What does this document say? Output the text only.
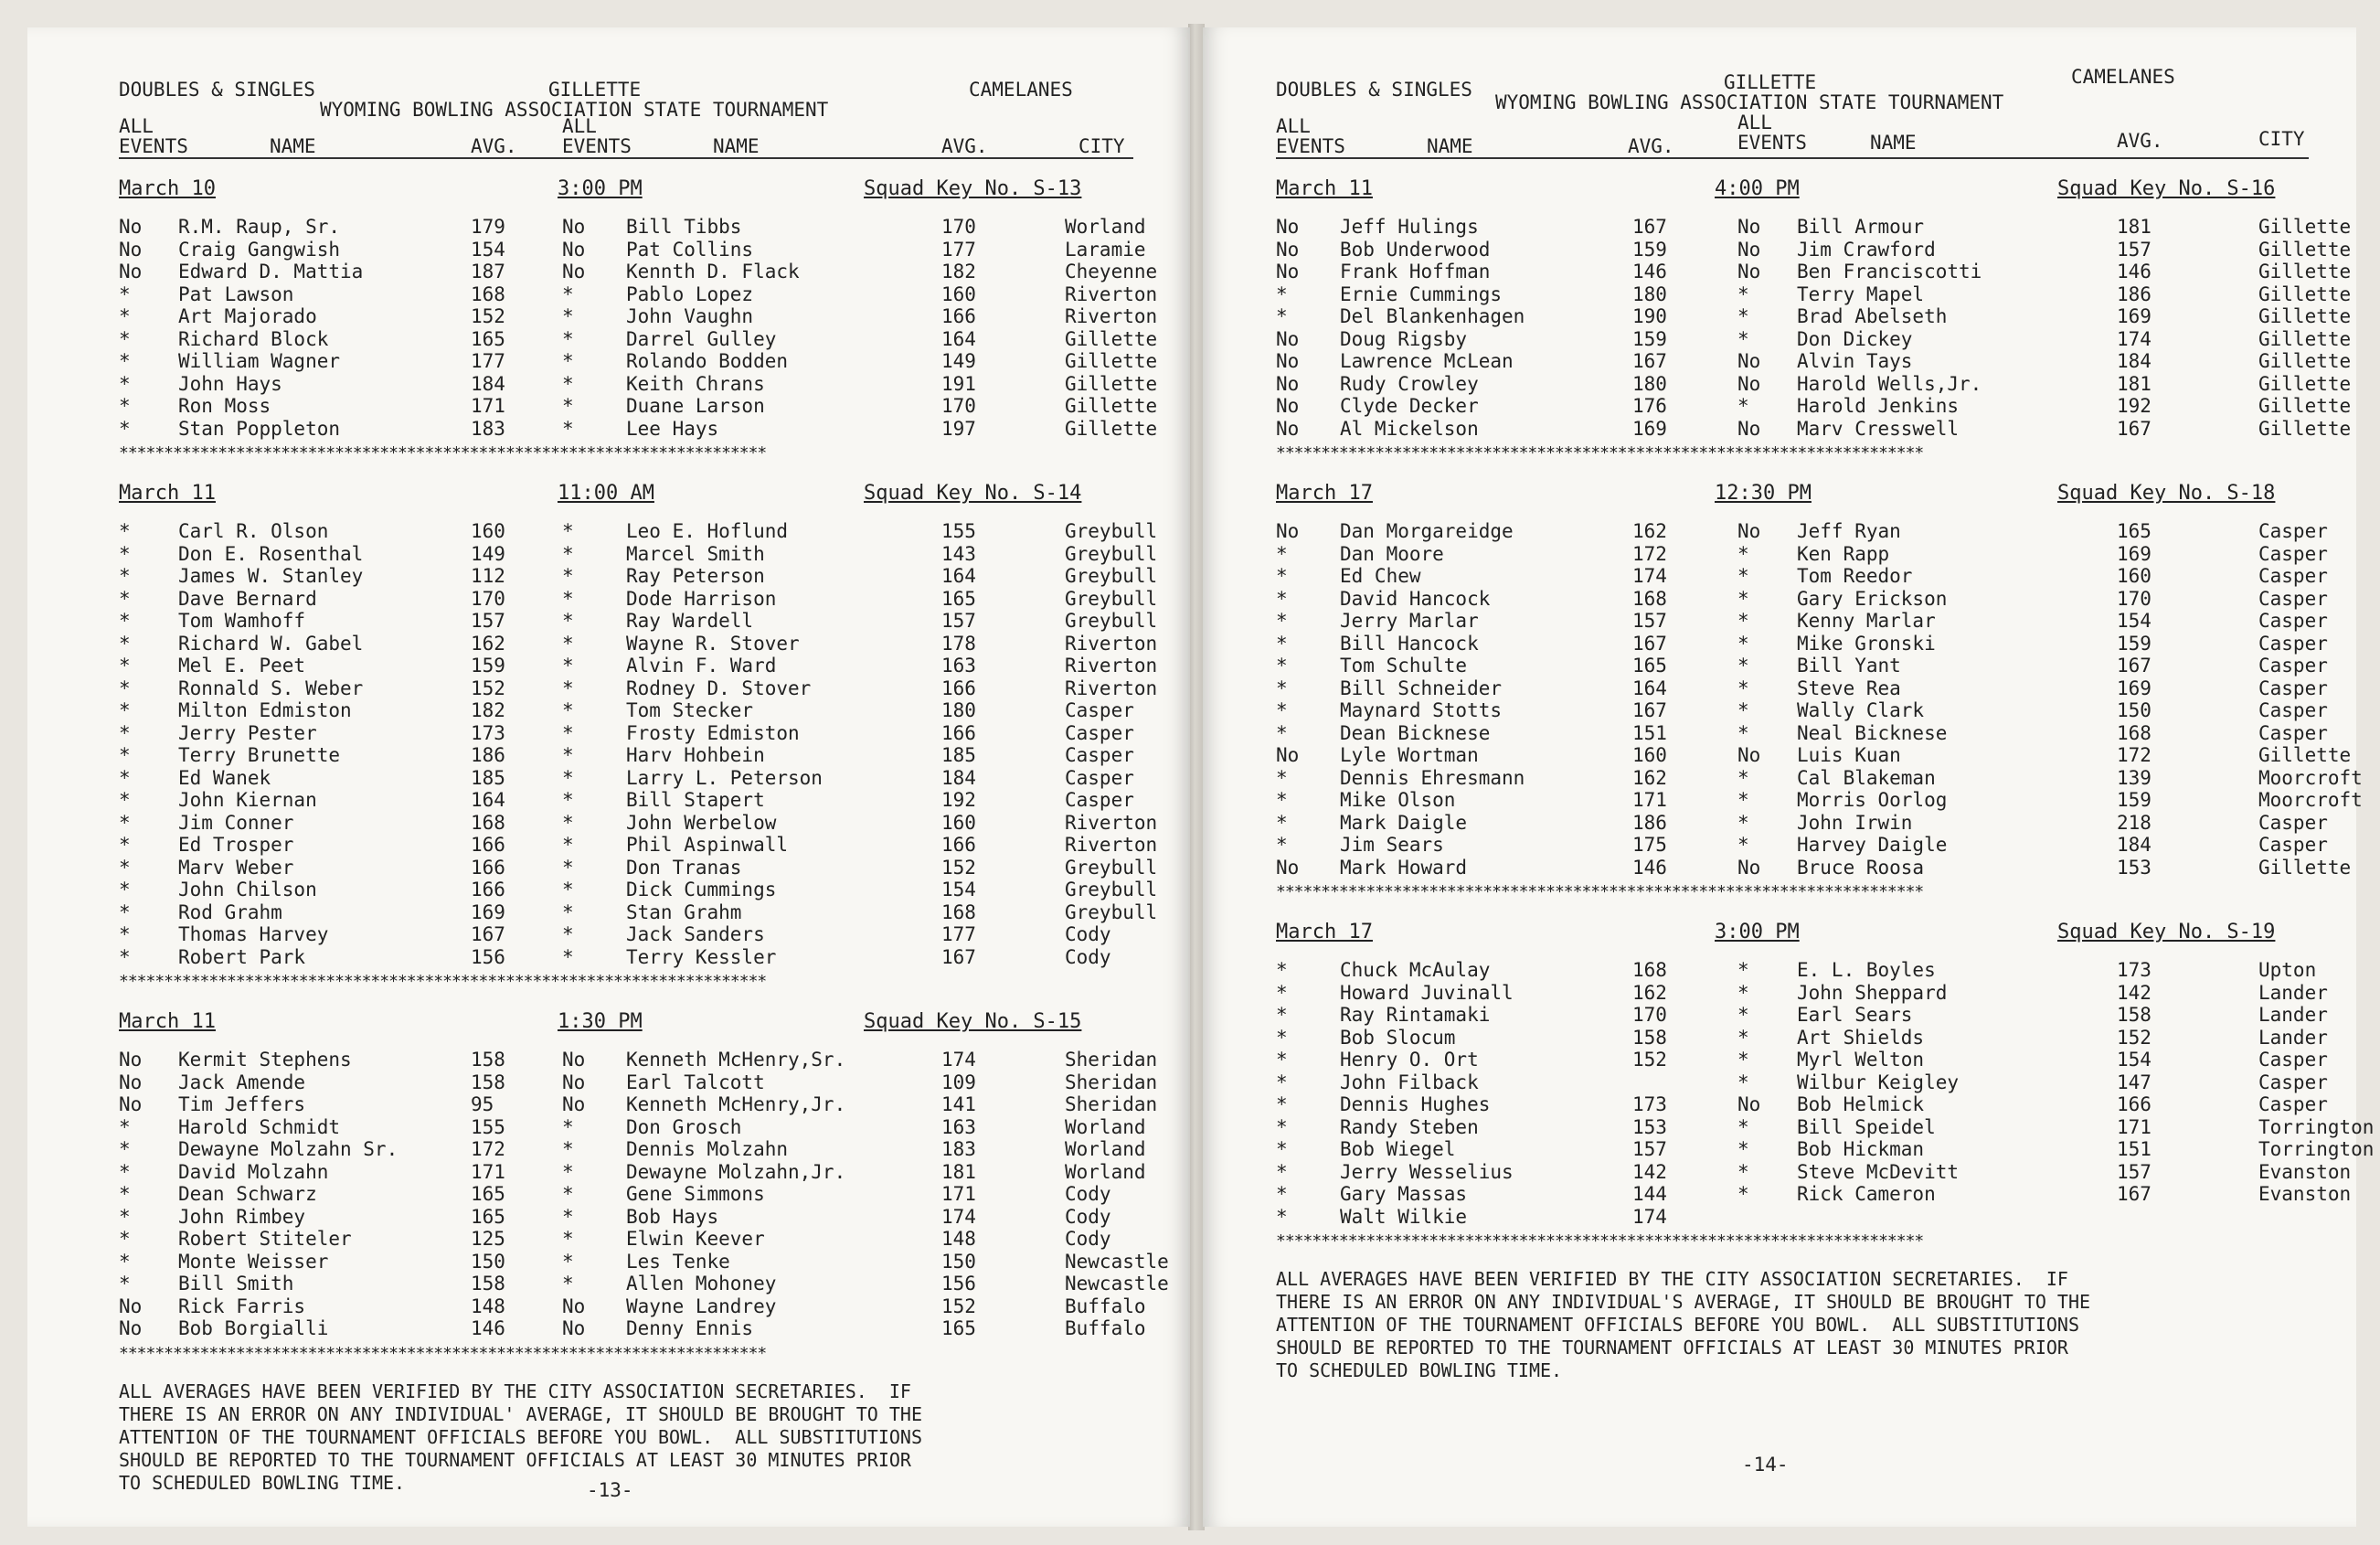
DOUBLES & SINGLES	GILLETTE	CAMELANES
WYOMING BOWLING ASSOCIATION STATE TOURNAMENT
ALL
EVENTS	NAME	AVG.
ALL
EVENTS	NAME	AVG.	CITY
March 10	3:00 PM	Squad Key No. S-13
No R.M. Raup, Sr.	179	No Bill Tibbs	170	Worland
No Craig Gangwish	154	No Pat Collins	177	Laramie
No Edward D. Mattia	187	No Kennth D. Flack	182	Cheyenne
* Pat Lawson	168	*	Pablo Lopez	160	Riverton
* Art Majorado	152	*	John Vaughn	166	Riverton
* Richard Block	165	*	Darrel Gulley	164	Gillette
* William Wagner	177	*	Rolando Bodden	149	Gillette
* John Hays	184	*	Keith Chrans	191	Gillette
* Ron Moss	171	*	Duane Larson	170	Gillette
* Stan Poppleton	183	*	Lee Hays	197	Gillette
************************************************************************
March 11	11:00 AM	Squad Key No. S-14
* Carl R. Olson	160	*	Leo E. Hoflund	155	Greybull
* Don E. Rosenthal	149	*	Marcel Smith	143	Greybull
* James W. Stanley	112	*	Ray Peterson	164	Greybull
* Dave Bernard	170	*	Dode Harrison	165	Greybull
* Tom Wamhoff	157	*	Ray Wardell	157	Greybull
* Richard W. Gabel	162	*	Wayne R. Stover	178	Riverton
* Mel E. Peet	159	*	Alvin F. Ward	163	Riverton
* Ronnald S. Weber	152	*	Rodney D. Stover	166	Riverton
* Milton Edmiston	182	*	Tom Stecker	180	Casper
* Jerry Pester	173	*	Frosty Edmiston	166	Casper
* Terry Brunette	186	*	Harv Hohbein	185	Casper
* Ed Wanek	185	*	Larry L. Peterson	184	Casper
* John Kiernan	164	*	Bill Stapert	192	Casper
* Jim Conner	168	*	John Werbelow	160	Riverton
* Ed Trosper	166	*	Phil Aspinwall	166	Riverton
* Marv Weber	166	*	Don Tranas	152	Greybull
* John Chilson	166	*	Dick Cummings	154	Greybull
* Rod Grahm	169	*	Stan Grahm	168	Greybull
* Thomas Harvey	167	*	Jack Sanders	177	Cody
* Robert Park	156	*	Terry Kessler	167	Cody
************************************************************************
March 11	1:30 PM	Squad Key No. S-15
No Kermit Stephens	158	No Kenneth McHenry,Sr.	174	Sheridan
No Jack Amende	158	No Earl Talcott	109	Sheridan
No Tim Jeffers	95	No Kenneth McHenry,Jr.	141	Sheridan
* Harold Schmidt	155	*	Don Grosch	163	Worland
* Dewayne Molzahn Sr.	172	*	Dennis Molzahn	183	Worland
* David Molzahn	171	*	Dewayne Molzahn,Jr.	181	Worland
* Dean Schwarz	165	*	Gene Simmons	171	Cody
* John Rimbey	165	*	Bob Hays	174	Cody
* Robert Stiteler	125	*	Elwin Keever	148	Cody
* Monte Weisser	150	*	Les Tenke	150	Newcastle
* Bill Smith	158	*	Allen Mohoney	156	Newcastle
No Rick Farris	148	No Wayne Landrey	152	Buffalo
No Bob Borgialli	146	No Denny Ennis	165	Buffalo
************************************************************************
ALL AVERAGES HAVE BEEN VERIFIED BY THE CITY ASSOCIATION SECRETARIES.  IF
THERE IS AN ERROR ON ANY INDIVIDUAL' AVERAGE, IT SHOULD BE BROUGHT TO THE
ATTENTION OF THE TOURNAMENT OFFICIALS BEFORE YOU BOWL.  ALL SUBSTITUTIONS
SHOULD BE REPORTED TO THE TOURNAMENT OFFICIALS AT LEAST 30 MINUTES PRIOR
TO SCHEDULED BOWLING TIME.	-13-
DOUBLES & SINGLES	GILLETTE	CAMELANES
WYOMING BOWLING ASSOCIATION STATE TOURNAMENT
ALL
EVENTS	NAME	AVG.
ALL
EVENTS	NAME	AVG.	CITY
March 11	4:00 PM	Squad Key No. S-16
No Jeff Hulings	167	No Bill Armour	181	Gillette
No Bob Underwood	159	No Jim Crawford	157	Gillette
No Frank Hoffman	146	No Ben Franciscotti	146	Gillette
*	Ernie Cummings	180	* Terry Mapel	186	Gillette
*	Del Blankenhagen	190	* Brad Abelseth	169	Gillette
No Doug Rigsby	159	* Don Dickey	174	Gillette
No Lawrence McLean	167	No Alvin Tays	184	Gillette
No Rudy Crowley	180	No Harold Wells,Jr.	181	Gillette
No Clyde Decker	176	* Harold Jenkins	192	Gillette
No Al Mickelson	169	No Marv Cresswell	167	Gillette
************************************************************************
March 17	12:30 PM	Squad Key No. S-18
No Dan Morgareidge	162	No Jeff Ryan	165	Casper
*	Dan Moore	172	* Ken Rapp	169	Casper
*	Ed Chew	174	* Tom Reedor	160	Casper
*	David Hancock	168	* Gary Erickson	170	Casper
*	Jerry Marlar	157	* Kenny Marlar	154	Casper
*	Bill Hancock	167	* Mike Gronski	159	Casper
*	Tom Schulte	165	* Bill Yant	167	Casper
*	Bill Schneider	164	* Steve Rea	169	Casper
*	Maynard Stotts	167	* Wally Clark	150	Casper
*	Dean Bicknese	151	* Neal Bicknese	168	Casper
No Lyle Wortman	160	No Luis Kuan	172	Gillette
*	Dennis Ehresmann	162	* Cal Blakeman	139	Moorcroft
*	Mike Olson	171	* Morris Oorlog	159	Moorcroft
*	Mark Daigle	186	* John Irwin	218	Casper
*	Jim Sears	175	* Harvey Daigle	184	Casper
No Mark Howard	146	No Bruce Roosa	153	Gillette
************************************************************************
March 17	3:00 PM	Squad Key No. S-19
*	Chuck McAulay	168	* E. L. Boyles	173	Upton
*	Howard Juvinall	162	* John Sheppard	142	Lander
*	Ray Rintamaki	170	* Earl Sears	158	Lander
*	Bob Slocum	158	* Art Shields	152	Lander
*	Henry O. Ort	152	* Myrl Welton	154	Casper
*	John Filback	* Wilbur Keigley	147	Casper
*	Dennis Hughes	173	No Bob Helmick	166	Casper
*	Randy Steben	153	* Bill Speidel	171	Torrington
*	Bob Wiegel	157	* Bob Hickman	151	Torrington
*	Jerry Wesselius	142	* Steve McDevitt	157	Evanston
*	Gary Massas	144	* Rick Cameron	167	Evanston
*	Walt Wilkie	174
************************************************************************
ALL AVERAGES HAVE BEEN VERIFIED BY THE CITY ASSOCIATION SECRETARIES.  IF
THERE IS AN ERROR ON ANY INDIVIDUAL'S AVERAGE, IT SHOULD BE BROUGHT TO THE
ATTENTION OF THE TOURNAMENT OFFICIALS BEFORE YOU BOWL.  ALL SUBSTITUTIONS
SHOULD BE REPORTED TO THE TOURNAMENT OFFICIALS AT LEAST 30 MINUTES PRIOR
TO SCHEDULED BOWLING TIME.
-14-
